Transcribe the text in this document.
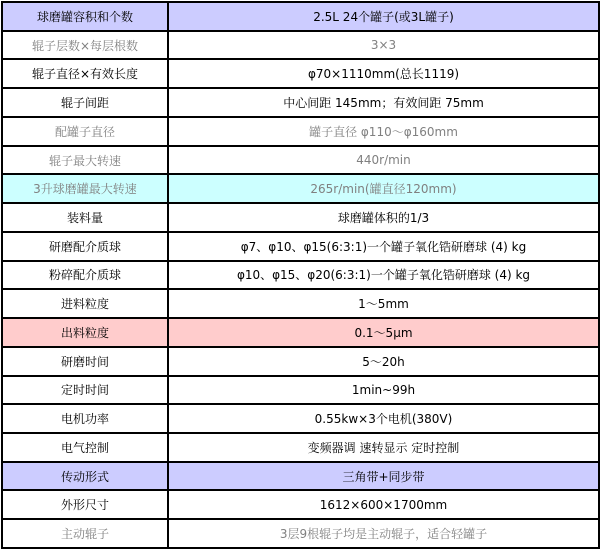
球磨罐容积和个数	2.5L 24个罐子(或3L罐子)
辊子层数×每层根数	3×3
辊子直径×有效长度	φ70×1110mm(总长1119)
辊子间距	中心间距 145mm；有效间距 75mm
配罐子直径	罐子直径 φ110～φ160mm
辊子最大转速	440r/min
3升球磨罐最大转速	265r/min(罐直径120mm)
装料量	球磨罐体积的1/3
研磨配介质球	φ7、φ10、φ15(6:3:1)一个罐子氧化锆研磨球 (4) kg
粉碎配介质球	φ10、φ15、φ20(6:3:1)一个罐子氧化锆研磨球 (4) kg
进料粒度	1～5mm
出料粒度	0.1～5μm
研磨时间	5～20h
定时时间	1min~99h
电机功率	0.55kw×3个电机(380V)
电气控制	变频器调 速转显示 定时控制
传动形式	三角带+同步带
外形尺寸	1612×600×1700mm
主动辊子	3层9根辊子均是主动辊子，适合轻罐子
